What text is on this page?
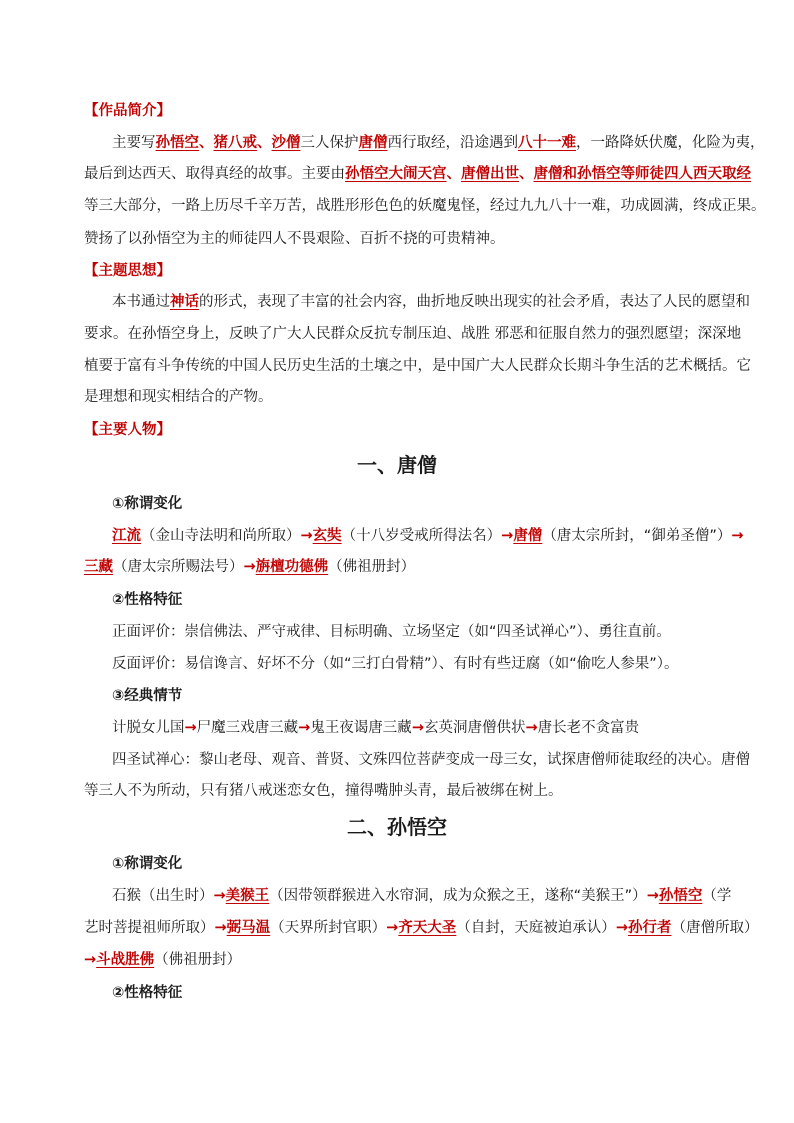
【作品简介】
主要写孙悟空、猪八戒、沙僧三人保护唐僧西行取经，沿途遇到八十一难，一路降妖伏魔，化险为夷，
最后到达西天、取得真经的故事。主要由孙悟空大闹天宫、唐僧出世、唐僧和孙悟空等师徒四人西天取经
等三大部分，一路上历尽千辛万苦，战胜形形色色的妖魔鬼怪，经过九九八十一难，功成圆满，终成正果。
赞扬了以孙悟空为主的师徒四人不畏艰险、百折不挠的可贵精神。
【主题思想】
本书通过神话的形式，表现了丰富的社会内容，曲折地反映出现实的社会矛盾，表达了人民的愿望和
要求。在孙悟空身上，反映了广大人民群众反抗专制压迫、战胜 邪恶和征服自然力的强烈愿望；深深地
植要于富有斗争传统的中国人民历史生活的土壤之中，是中国广大人民群众长期斗争生活的艺术概括。它
是理想和现实相结合的产物。
【主要人物】
一、唐僧
①称谓变化
江流（金山寺法明和尚所取）→玄奘（十八岁受戒所得法名）→唐僧（唐太宗所封，“御弟圣僧”）→
三藏（唐太宗所赐法号）→旃檀功德佛（佛祖册封）
②性格特征
正面评价：崇信佛法、严守戒律、目标明确、立场坚定（如“四圣试禅心”）、勇往直前。
反面评价：易信谗言、好坏不分（如“三打白骨精”）、有时有些迂腐（如“偷吃人参果”）。
③经典情节
计脱女儿国→尸魔三戏唐三藏→鬼王夜谒唐三藏→玄英洞唐僧供状→唐长老不贪富贵
四圣试禅心：黎山老母、观音、普贤、文殊四位菩萨变成一母三女，试探唐僧师徒取经的决心。唐僧
等三人不为所动，只有猪八戒迷恋女色，撞得嘴肿头青，最后被绑在树上。
二、孙悟空
①称谓变化
石猴（出生时）→美猴王（因带领群猴进入水帘洞，成为众猴之王，遂称“美猴王”）→孙悟空（学
艺时菩提祖师所取）→弼马温（天界所封官职）→齐天大圣（自封，天庭被迫承认）→孙行者（唐僧所取）
→斗战胜佛（佛祖册封）
②性格特征
